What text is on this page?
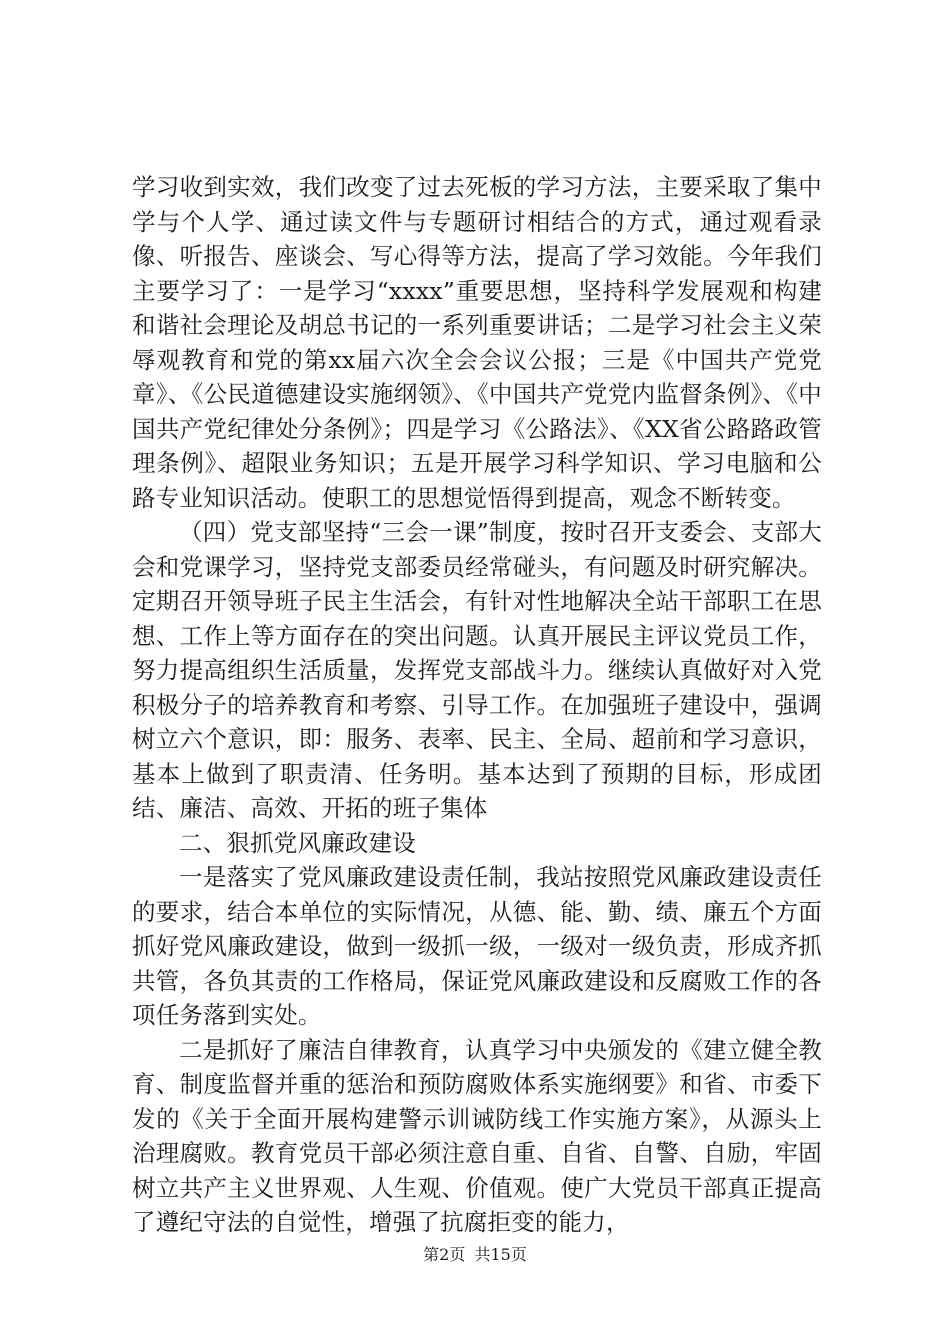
学习收到实效，我们改变了过去死板的学习方法，主要采取了集中学与个人学、通过读文件与专题研讨相结合的方式，通过观看录像、听报告、座谈会、写心得等方法，提高了学习效能。今年我们主要学习了：一是学习“xxxx”重要思想，坚持科学发展观和构建和谐社会理论及胡总书记的一系列重要讲话；二是学习社会主义荣辱观教育和党的第xx届六次全会会议公报；三是《中国共产党党章》、《公民道德建设实施纲领》、《中国共产党党内监督条例》、《中国共产党纪律处分条例》；四是学习《公路法》、《XX省公路路政管理条例》、超限业务知识；五是开展学习科学知识、学习电脑和公路专业知识活动。使职工的思想觉悟得到提高，观念不断转变。

（四）党支部坚持“三会一课”制度，按时召开支委会、支部大会和党课学习，坚持党支部委员经常碰头，有问题及时研究解决。定期召开领导班子民主生活会，有针对性地解决全站干部职工在思想、工作上等方面存在的突出问题。认真开展民主评议党员工作，努力提高组织生活质量，发挥党支部战斗力。继续认真做好对入党积极分子的培养教育和考察、引导工作。在加强班子建设中，强调树立六个意识，即：服务、表率、民主、全局、超前和学习意识，基本上做到了职责清、任务明。基本达到了预期的目标，形成团结、廉洁、高效、开拓的班子集体

二、狠抓党风廉政建设

一是落实了党风廉政建设责任制，我站按照党风廉政建设责任的要求，结合本单位的实际情况，从德、能、勤、绩、廉五个方面抓好党风廉政建设，做到一级抓一级，一级对一级负责，形成齐抓共管，各负其责的工作格局，保证党风廉政建设和反腐败工作的各项任务落到实处。

二是抓好了廉洁自律教育，认真学习中央颁发的《建立健全教育、制度监督并重的惩治和预防腐败体系实施纲要》和省、市委下发的《关于全面开展构建警示训诫防线工作实施方案》，从源头上治理腐败。教育党员干部必须注意自重、自省、自警、自励，牢固树立共产主义世界观、人生观、价值观。使广大党员干部真正提高了遵纪守法的自觉性，增强了抗腐拒变的能力，

第2页 共15页
